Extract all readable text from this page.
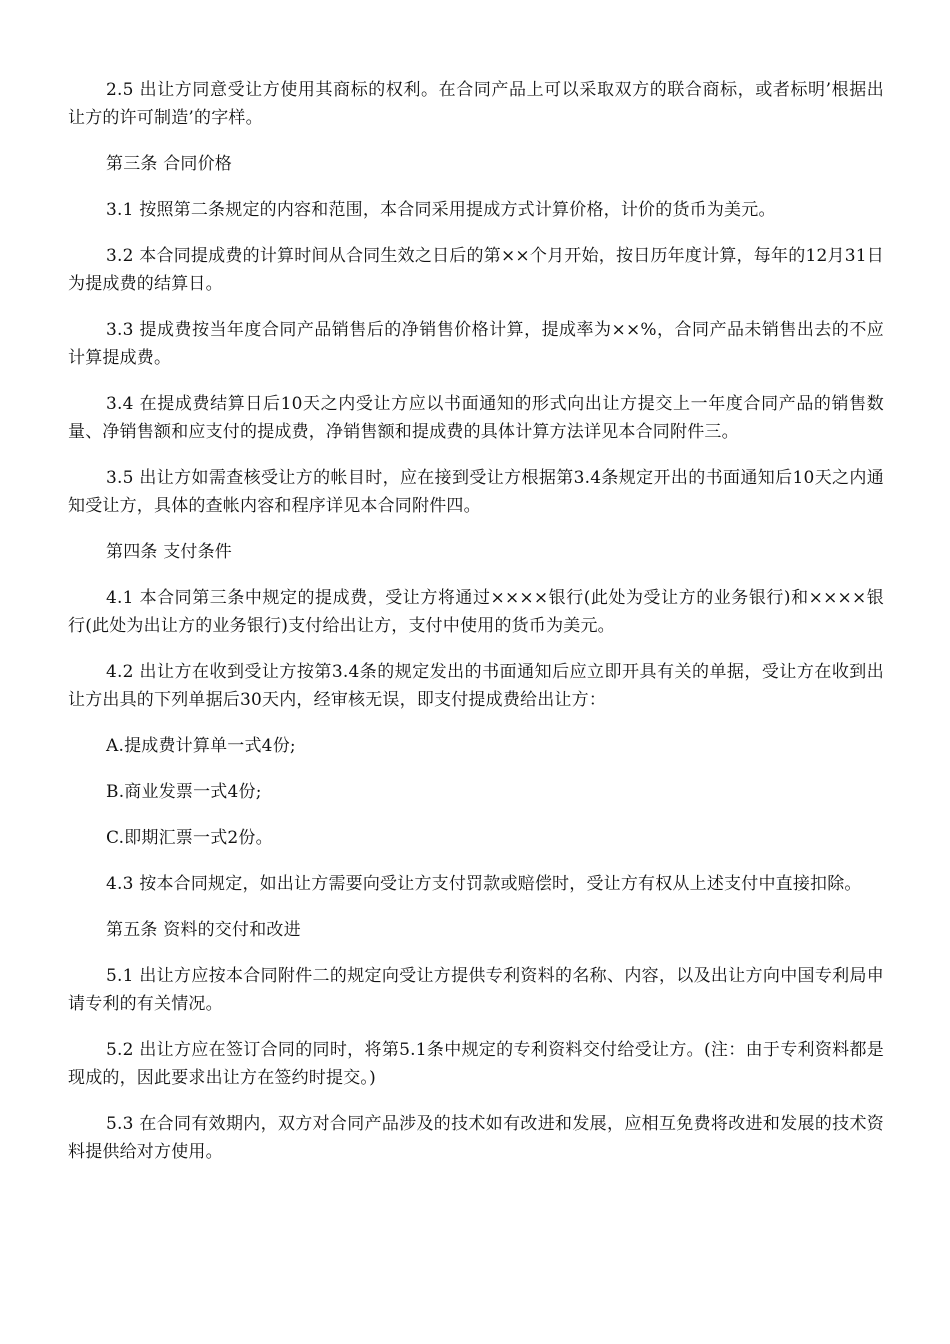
2.5 出让方同意受让方使用其商标的权利。在合同产品上可以采取双方的联合商标，或者标明’根据出让方的许可制造’的字样。

第三条 合同价格

3.1 按照第二条规定的内容和范围，本合同采用提成方式计算价格，计价的货币为美元。

3.2 本合同提成费的计算时间从合同生效之日后的第××个月开始，按日历年度计算，每年的12月31日为提成费的结算日。

3.3 提成费按当年度合同产品销售后的净销售价格计算，提成率为××%，合同产品未销售出去的不应计算提成费。

3.4 在提成费结算日后10天之内受让方应以书面通知的形式向出让方提交上一年度合同产品的销售数量、净销售额和应支付的提成费，净销售额和提成费的具体计算方法详见本合同附件三。

3.5 出让方如需查核受让方的帐目时，应在接到受让方根据第3.4条规定开出的书面通知后10天之内通知受让方，具体的查帐内容和程序详见本合同附件四。

第四条 支付条件

4.1 本合同第三条中规定的提成费，受让方将通过××××银行(此处为受让方的业务银行)和××××银行(此处为出让方的业务银行)支付给出让方，支付中使用的货币为美元。

4.2 出让方在收到受让方按第3.4条的规定发出的书面通知后应立即开具有关的单据，受让方在收到出让方出具的下列单据后30天内，经审核无误，即支付提成费给出让方：

A.提成费计算单一式4份;

B.商业发票一式4份;

C.即期汇票一式2份。

4.3 按本合同规定，如出让方需要向受让方支付罚款或赔偿时，受让方有权从上述支付中直接扣除。

第五条 资料的交付和改进

5.1 出让方应按本合同附件二的规定向受让方提供专利资料的名称、内容，以及出让方向中国专利局申请专利的有关情况。

5.2 出让方应在签订合同的同时，将第5.1条中规定的专利资料交付给受让方。(注：由于专利资料都是现成的，因此要求出让方在签约时提交。)

5.3 在合同有效期内，双方对合同产品涉及的技术如有改进和发展，应相互免费将改进和发展的技术资料提供给对方使用。
